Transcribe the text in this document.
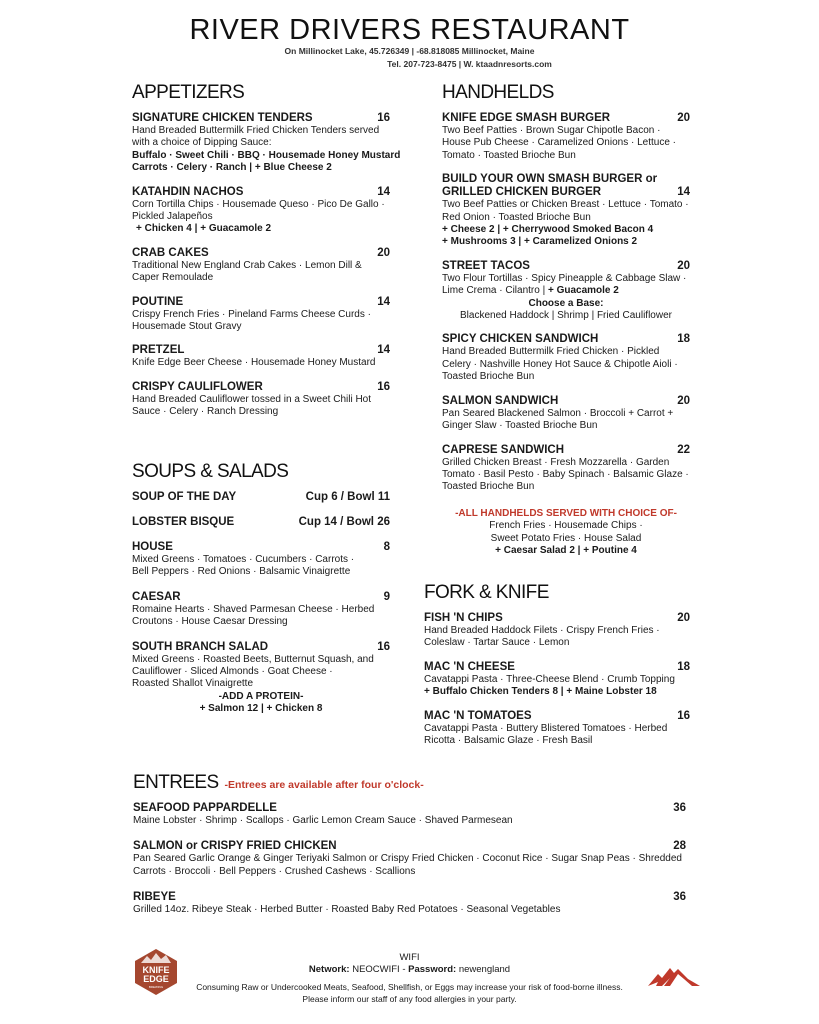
RIVER DRIVERS RESTAURANT
On Millinocket Lake, 45.726349 | -68.818085 Millinocket, Maine
Tel. 207-723-8475 | W. ktaadnresorts.com
APPETIZERS
SIGNATURE CHICKEN TENDERS	16
Hand Breaded Buttermilk Fried Chicken Tenders served
with a choice of Dipping Sauce:
Buffalo · Sweet Chili · BBQ · Housemade Honey Mustard
Carrots · Celery · Ranch | + Blue Cheese 2
KATAHDIN NACHOS	14
Corn Tortilla Chips · Housemade Queso · Pico De Gallo ·
Pickled Jalapeños
+ Chicken 4 | + Guacamole 2
CRAB CAKES	20
Traditional New England Crab Cakes · Lemon Dill &
Caper Remoulade
POUTINE	14
Crispy French Fries · Pineland Farms Cheese Curds ·
Housemade Stout Gravy
PRETZEL	14
Knife Edge Beer Cheese · Housemade Honey Mustard
CRISPY CAULIFLOWER	16
Hand Breaded Cauliflower tossed in a Sweet Chili Hot
Sauce · Celery · Ranch Dressing
SOUPS & SALADS
SOUP OF THE DAY	Cup 6 / Bowl 11
LOBSTER BISQUE	Cup 14 / Bowl 26
HOUSE	8
Mixed Greens · Tomatoes · Cucumbers · Carrots ·
Bell Peppers · Red Onions · Balsamic Vinaigrette
CAESAR	9
Romaine Hearts · Shaved Parmesan Cheese · Herbed
Croutons · House Caesar Dressing
SOUTH BRANCH SALAD	16
Mixed Greens · Roasted Beets, Butternut Squash, and
Cauliflower · Sliced Almonds · Goat Cheese ·
Roasted Shallot Vinaigrette
-ADD A PROTEIN-
+ Salmon 12 | + Chicken 8
HANDHELDS
KNIFE EDGE SMASH BURGER	20
Two Beef Patties · Brown Sugar Chipotle Bacon ·
House Pub Cheese · Caramelized Onions · Lettuce ·
Tomato · Toasted Brioche Bun
BUILD YOUR OWN SMASH BURGER or
GRILLED CHICKEN BURGER	14
Two Beef Patties or Chicken Breast · Lettuce · Tomato ·
Red Onion · Toasted Brioche Bun
+ Cheese 2 | + Cherrywood Smoked Bacon 4
+ Mushrooms 3 | + Caramelized Onions 2
STREET TACOS	20
Two Flour Tortillas · Spicy Pineapple & Cabbage Slaw ·
Lime Crema · Cilantro | + Guacamole 2
Choose a Base:
Blackened Haddock | Shrimp | Fried Cauliflower
SPICY CHICKEN SANDWICH	18
Hand Breaded Buttermilk Fried Chicken · Pickled
Celery · Nashville Honey Hot Sauce & Chipotle Aioli ·
Toasted Brioche Bun
SALMON SANDWICH	20
Pan Seared Blackened Salmon · Broccoli + Carrot +
Ginger Slaw · Toasted Brioche Bun
CAPRESE SANDWICH	22
Grilled Chicken Breast · Fresh Mozzarella · Garden
Tomato · Basil Pesto · Baby Spinach · Balsamic Glaze ·
Toasted Brioche Bun
-ALL HANDHELDS SERVED WITH CHOICE OF-
French Fries · Housemade Chips ·
Sweet Potato Fries · House Salad
+ Caesar Salad 2 | + Poutine 4
FORK & KNIFE
FISH 'N CHIPS	20
Hand Breaded Haddock Filets · Crispy French Fries ·
Coleslaw · Tartar Sauce · Lemon
MAC 'N CHEESE	18
Cavatappi Pasta · Three-Cheese Blend · Crumb Topping
+ Buffalo Chicken Tenders 8 | + Maine Lobster 18
MAC 'N TOMATOES	16
Cavatappi Pasta · Buttery Blistered Tomatoes · Herbed
Ricotta · Balsamic Glaze · Fresh Basil
ENTREES -Entrees are available after four o'clock-
SEAFOOD PAPPARDELLE	36
Maine Lobster · Shrimp · Scallops · Garlic Lemon Cream Sauce · Shaved Parmesean
SALMON or CRISPY FRIED CHICKEN	28
Pan Seared Garlic Orange & Ginger Teriyaki Salmon or Crispy Fried Chicken · Coconut Rice · Sugar Snap Peas · Shredded
Carrots · Broccoli · Bell Peppers · Crushed Cashews · Scallions
RIBEYE	36
Grilled 14oz. Ribeye Steak · Herbed Butter · Roasted Baby Red Potatoes · Seasonal Vegetables
KNIFE
EDGE
BREWING
WIFI
Network: NEOCWIFI - Password: newengland
Consuming Raw or Undercooked Meats, Seafood, Shellfish, or Eggs may increase your risk of food-borne illness.
Please inform our staff of any food allergies in your party.
